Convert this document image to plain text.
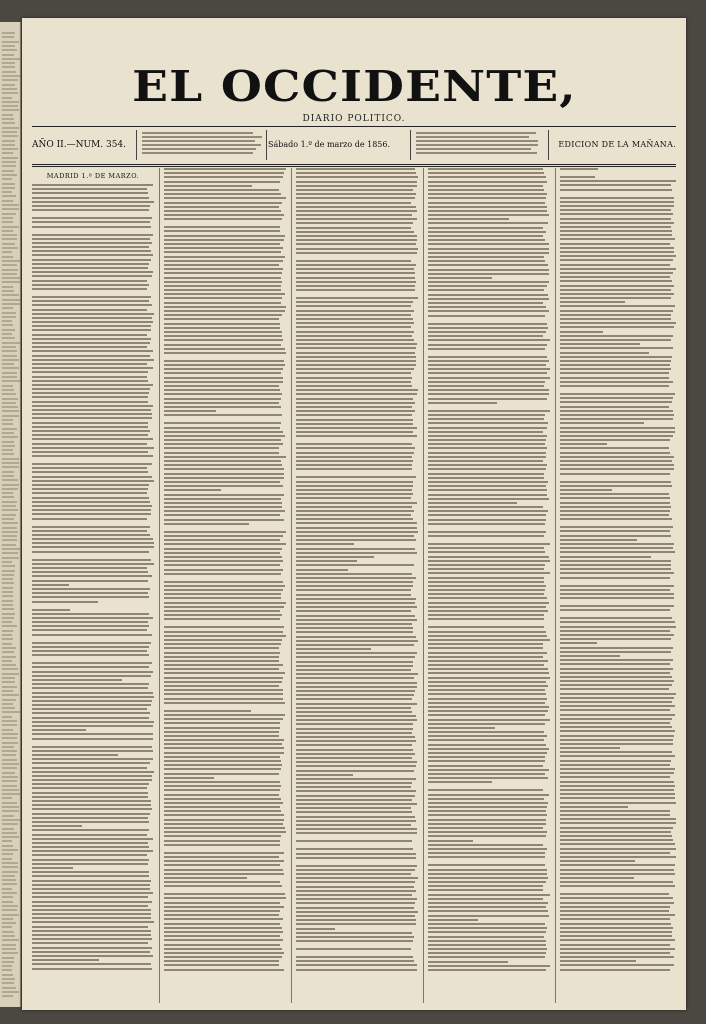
EL OCCIDENTE,
DIARIO POLITICO.
AÑO II.—NUM. 354.	Sábado 1.º de marzo de 1856.	EDICION DE LA MAÑANA.
MADRID 1.º DE MARZO.
